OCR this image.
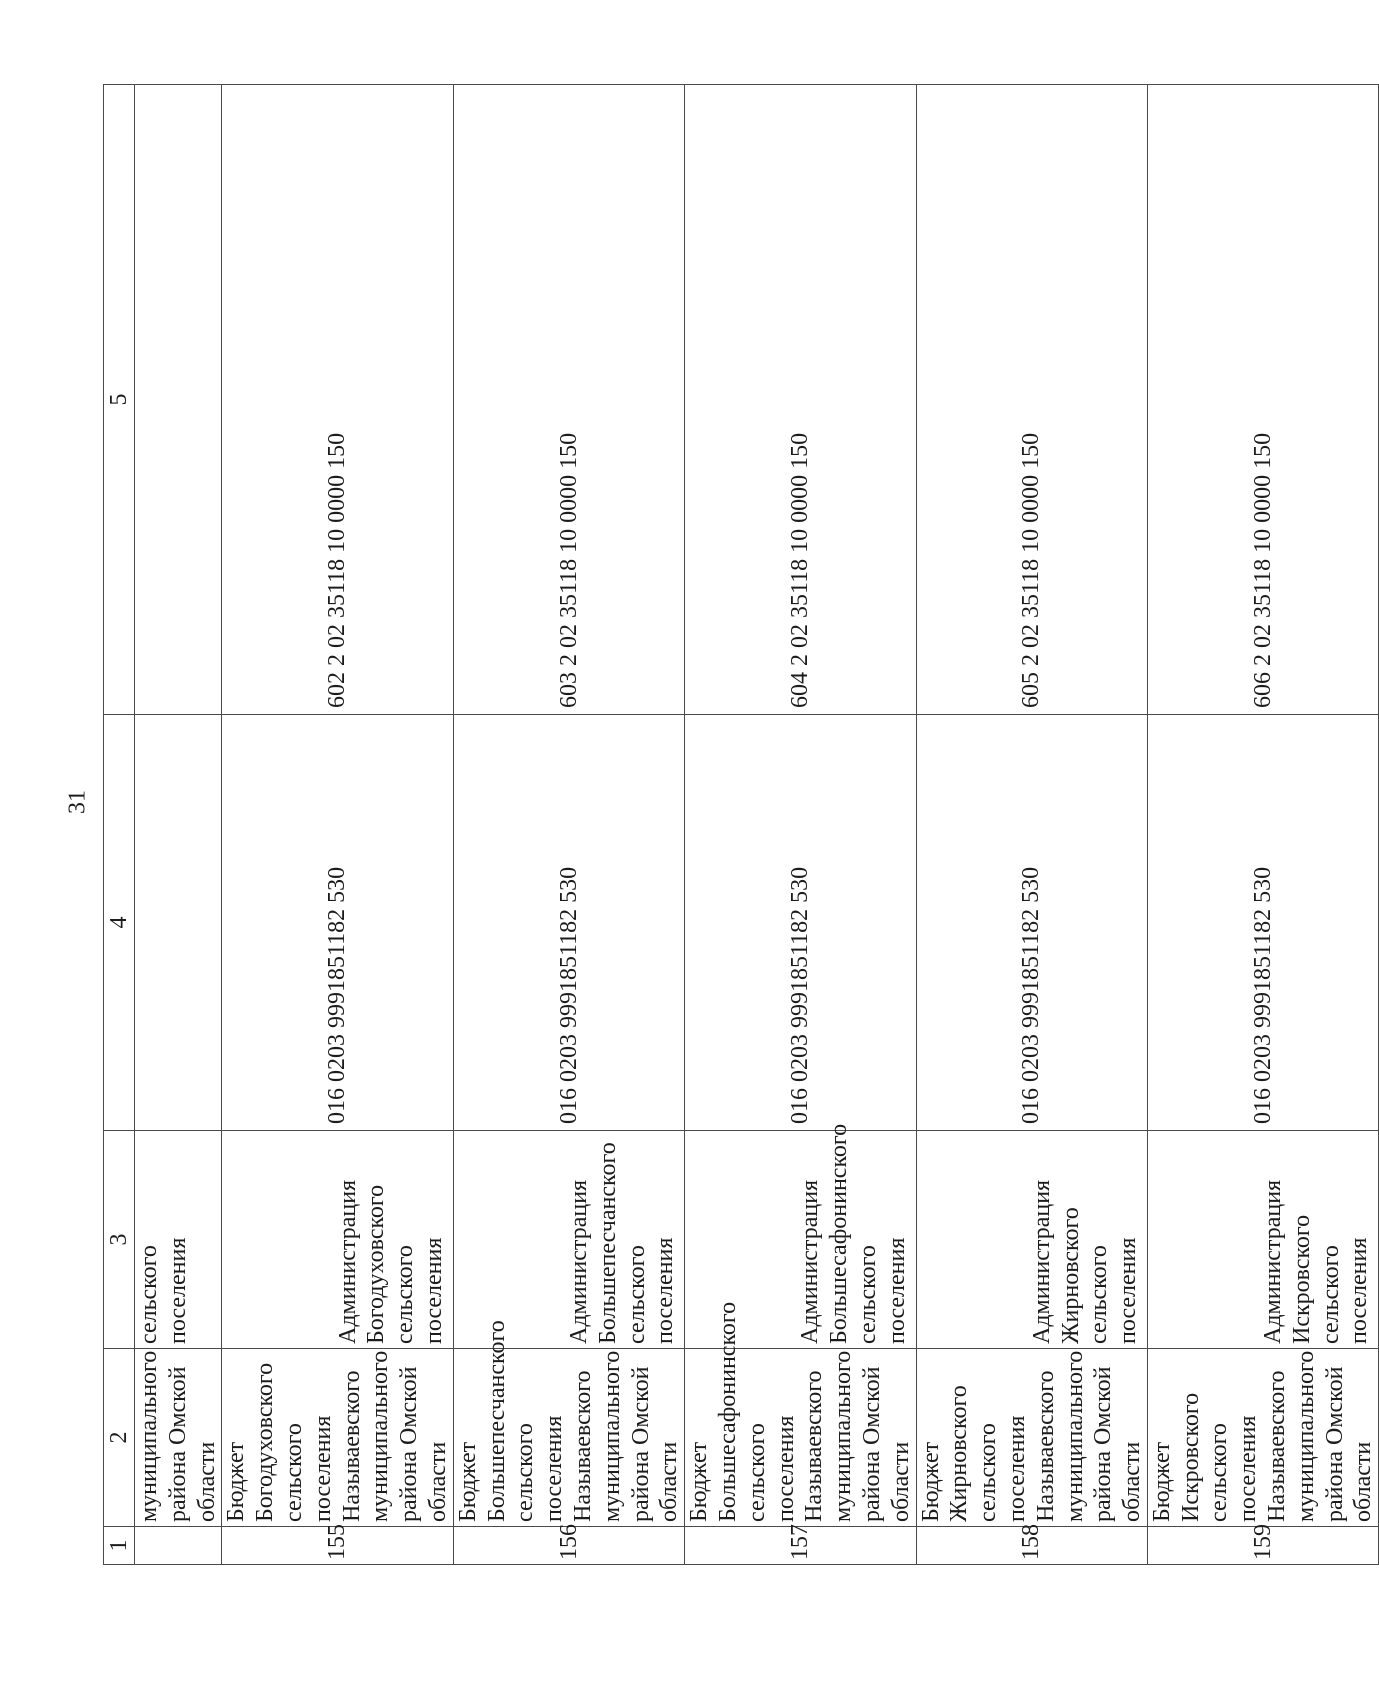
31
1	2	3	4	5
	муниципального района Омской области	сельского поселения		
155	Бюджет Богодуховского сельского поселения Называевского муниципального района Омской области	Администрация Богодуховского сельского поселения	016 0203 9991851182 530	602 2 02 35118 10 0000 150
156	Бюджет Большепесчанского сельского поселения Называевского муниципального района Омской области	Администрация Большепесчанского сельского поселения	016 0203 9991851182 530	603 2 02 35118 10 0000 150
157	Бюджет Большесафонинского сельского поселения Называевского муниципального района Омской области	Администрация Большесафонинского сельского поселения	016 0203 9991851182 530	604 2 02 35118 10 0000 150
158	Бюджет Жирновского сельского поселения Называевского муниципального района Омской области	Администрация Жирновского сельского поселения	016 0203 9991851182 530	605 2 02 35118 10 0000 150
159	Бюджет Искровского сельского поселения Называевского муниципального района Омской области	Администрация Искровского сельского поселения	016 0203 9991851182 530	606 2 02 35118 10 0000 150
